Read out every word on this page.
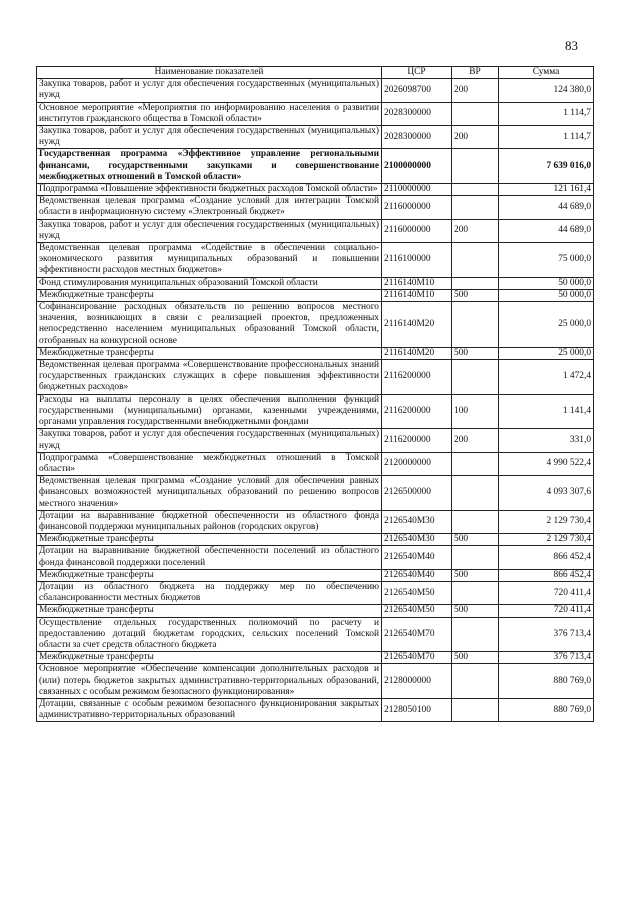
83
Наименование показателей	ЦСР	ВР	Сумма
Закупка товаров, работ и услуг для обеспечения государственных (муниципальных) нужд	2026098700	200	124 380,0
Основное мероприятие «Мероприятия по информированию населения о развитии институтов гражданского общества в Томской области»	2028300000		1 114,7
Закупка товаров, работ и услуг для обеспечения государственных (муниципальных) нужд	2028300000	200	1 114,7
Государственная программа «Эффективное управление региональными финансами, государственными закупками и совершенствование межбюджетных отношений в Томской области»	2100000000		7 639 016,0
Подпрограмма «Повышение эффективности бюджетных расходов Томской области»	2110000000		121 161,4
Ведомственная целевая программа «Создание условий для интеграции Томской области в информационную систему «Электронный бюджет»	2116000000		44 689,0
Закупка товаров, работ и услуг для обеспечения государственных (муниципальных) нужд	2116000000	200	44 689,0
Ведомственная целевая программа «Содействие в обеспечении социально-экономического развития муниципальных образований и повышении эффективности расходов местных бюджетов»	2116100000		75 000,0
Фонд стимулирования муниципальных образований Томской области	2116140М10		50 000,0
Межбюджетные трансферты	2116140М10	500	50 000,0
Софинансирование расходных обязательств по решению вопросов местного значения, возникающих в связи с реализацией проектов, предложенных непосредственно населением муниципальных образований Томской области, отобранных на конкурсной основе	2116140М20		25 000,0
Межбюджетные трансферты	2116140М20	500	25 000,0
Ведомственная целевая программа «Совершенствование профессиональных знаний государственных гражданских служащих в сфере повышения эффективности бюджетных расходов»	2116200000		1 472,4
Расходы на выплаты персоналу в целях обеспечения выполнения функций государственными (муниципальными) органами, казенными учреждениями, органами управления государственными внебюджетными фондами	2116200000	100	1 141,4
Закупка товаров, работ и услуг для обеспечения государственных (муниципальных) нужд	2116200000	200	331,0
Подпрограмма «Совершенствование межбюджетных отношений в Томской области»	2120000000		4 990 522,4
Ведомственная целевая программа «Создание условий для обеспечения равных финансовых возможностей муниципальных образований по решению вопросов местного значения»	2126500000		4 093 307,6
Дотации на выравнивание бюджетной обеспеченности из областного фонда финансовой поддержки муниципальных районов (городских округов)	2126540М30		2 129 730,4
Межбюджетные трансферты	2126540М30	500	2 129 730,4
Дотации на выравнивание бюджетной обеспеченности поселений из областного фонда финансовой поддержки поселений	2126540М40		866 452,4
Межбюджетные трансферты	2126540М40	500	866 452,4
Дотации из областного бюджета на поддержку мер по обеспечению сбалансированности местных бюджетов	2126540М50		720 411,4
Межбюджетные трансферты	2126540М50	500	720 411,4
Осуществление отдельных государственных полномочий по расчету и предоставлению дотаций бюджетам городских, сельских поселений Томской области за счет средств областного бюджета	2126540М70		376 713,4
Межбюджетные трансферты	2126540М70	500	376 713,4
Основное мероприятие «Обеспечение компенсации дополнительных расходов и (или) потерь бюджетов закрытых административно-территориальных образований, связанных с особым режимом безопасного функционирования»	2128000000		880 769,0
Дотации, связанные с особым режимом безопасного функционирования закрытых административно-территориальных образований	2128050100		880 769,0
